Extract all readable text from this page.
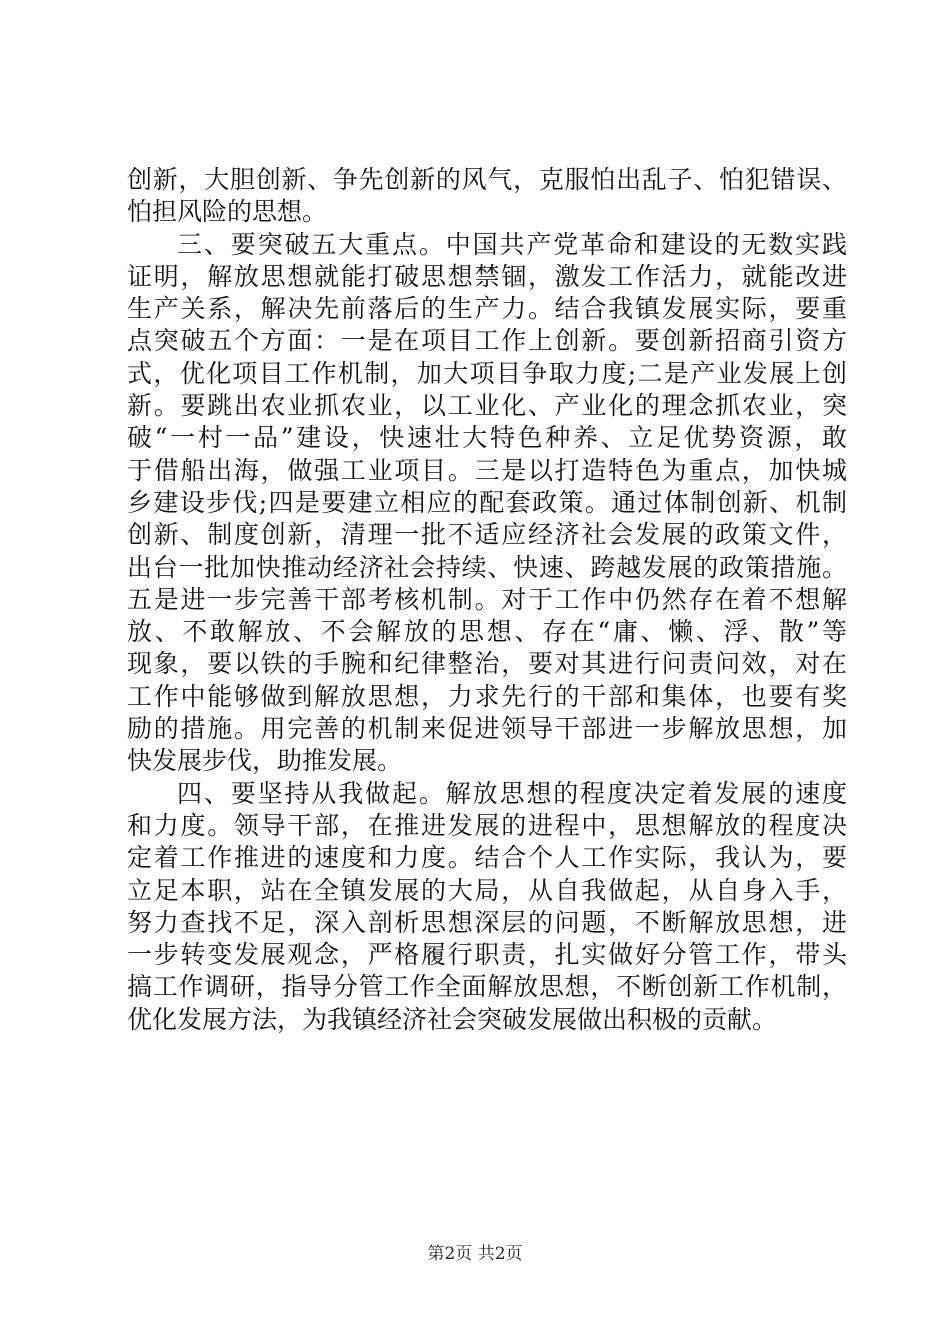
创新，大胆创新、争先创新的风气，克服怕出乱子、怕犯错误、
怕担风险的思想。
三、要突破五大重点。中国共产党革命和建设的无数实践
证明，解放思想就能打破思想禁锢，激发工作活力，就能改进
生产关系，解决先前落后的生产力。结合我镇发展实际，要重
点突破五个方面：一是在项目工作上创新。要创新招商引资方
式，优化项目工作机制，加大项目争取力度;二是产业发展上创
新。要跳出农业抓农业，以工业化、产业化的理念抓农业，突
破“一村一品”建设，快速壮大特色种养、立足优势资源，敢
于借船出海，做强工业项目。三是以打造特色为重点，加快城
乡建设步伐;四是要建立相应的配套政策。通过体制创新、机制
创新、制度创新，清理一批不适应经济社会发展的政策文件，
出台一批加快推动经济社会持续、快速、跨越发展的政策措施。
五是进一步完善干部考核机制。对于工作中仍然存在着不想解
放、不敢解放、不会解放的思想、存在“庸、懒、浮、散”等
现象，要以铁的手腕和纪律整治，要对其进行问责问效，对在
工作中能够做到解放思想，力求先行的干部和集体，也要有奖
励的措施。用完善的机制来促进领导干部进一步解放思想，加
快发展步伐，助推发展。
四、要坚持从我做起。解放思想的程度决定着发展的速度
和力度。领导干部，在推进发展的进程中，思想解放的程度决
定着工作推进的速度和力度。结合个人工作实际，我认为，要
立足本职，站在全镇发展的大局，从自我做起，从自身入手，
努力查找不足，深入剖析思想深层的问题，不断解放思想，进
一步转变发展观念，严格履行职责，扎实做好分管工作，带头
搞工作调研，指导分管工作全面解放思想，不断创新工作机制，
优化发展方法，为我镇经济社会突破发展做出积极的贡献。
第2页 共2页
